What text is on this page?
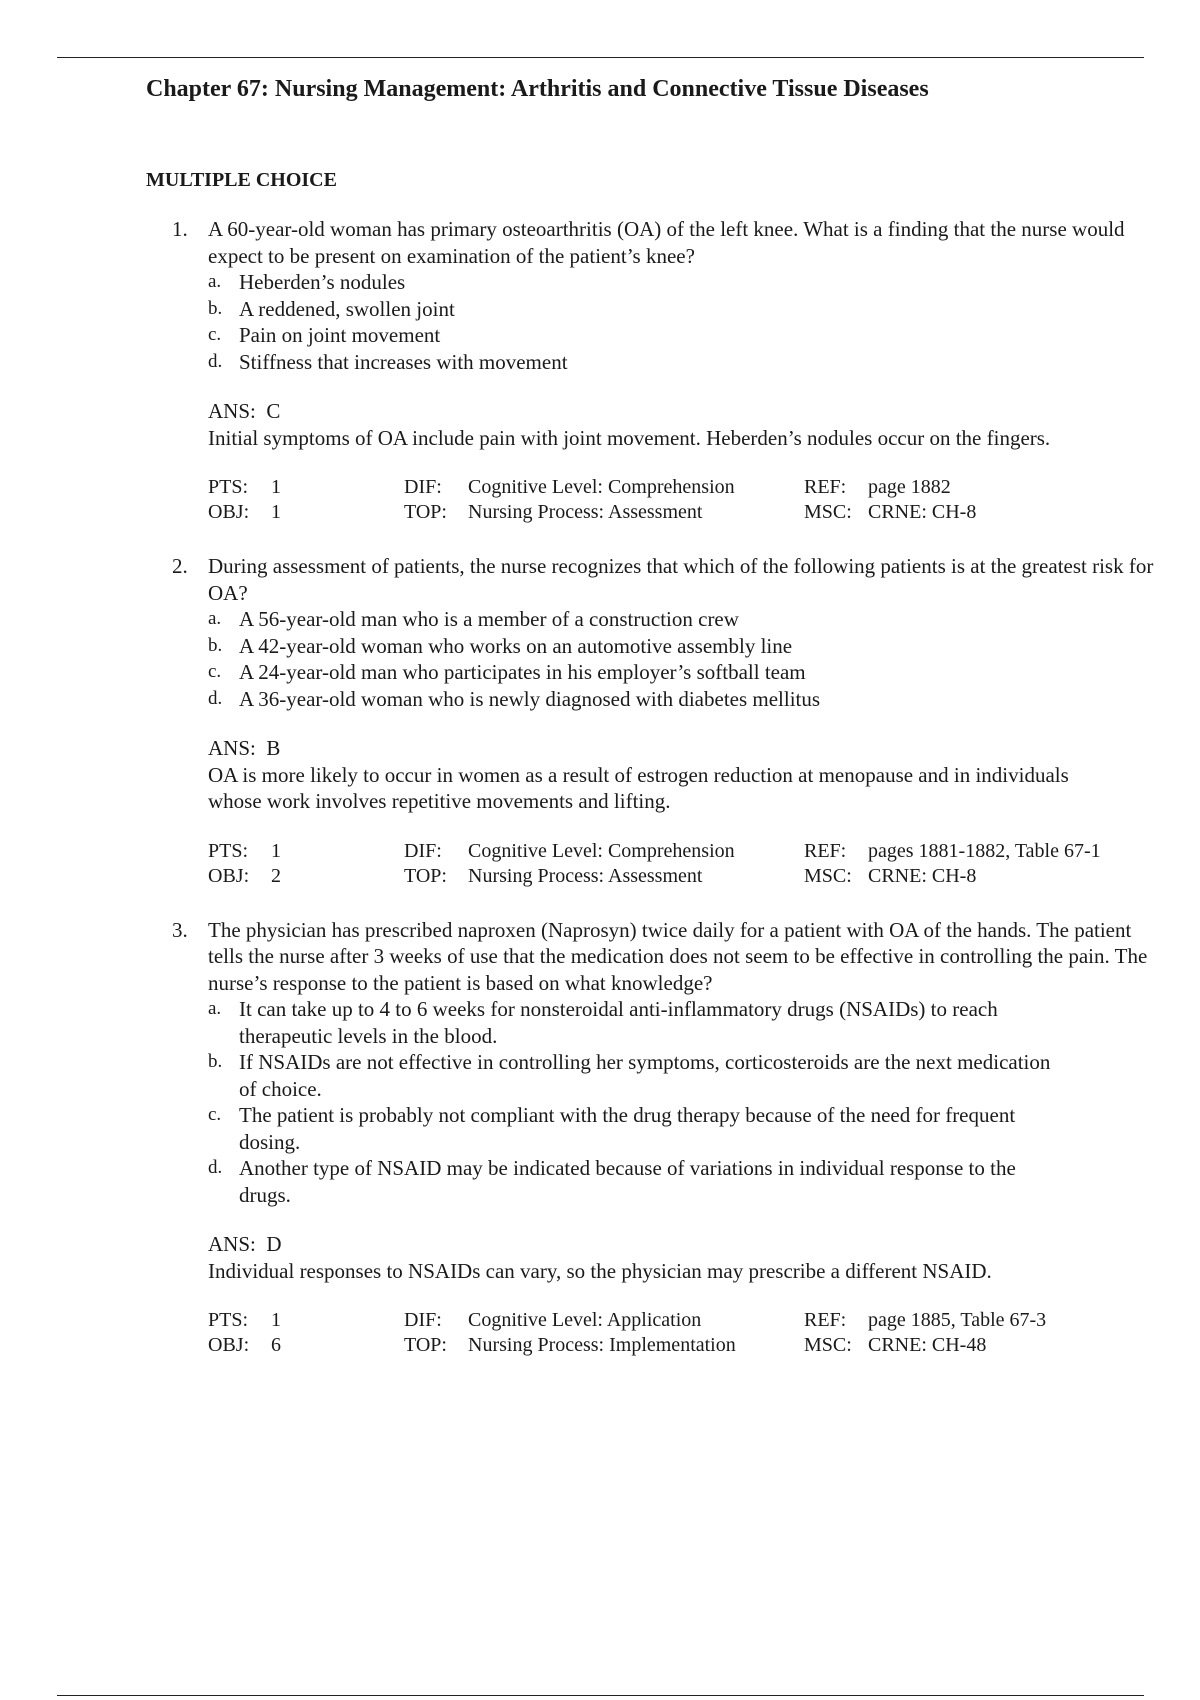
Chapter 67: Nursing Management: Arthritis and Connective Tissue Diseases
MULTIPLE CHOICE
1. A 60-year-old woman has primary osteoarthritis (OA) of the left knee. What is a finding that the nurse would expect to be present on examination of the patient’s knee?
a. Heberden’s nodules
b. A reddened, swollen joint
c. Pain on joint movement
d. Stiffness that increases with movement
ANS: C
Initial symptoms of OA include pain with joint movement. Heberden’s nodules occur on the fingers.
PTS: 1	DIF: Cognitive Level: Comprehension	REF: page 1882
OBJ: 1	TOP: Nursing Process: Assessment	MSC: CRNE: CH-8
2. During assessment of patients, the nurse recognizes that which of the following patients is at the greatest risk for OA?
a. A 56-year-old man who is a member of a construction crew
b. A 42-year-old woman who works on an automotive assembly line
c. A 24-year-old man who participates in his employer’s softball team
d. A 36-year-old woman who is newly diagnosed with diabetes mellitus
ANS: B
OA is more likely to occur in women as a result of estrogen reduction at menopause and in individuals whose work involves repetitive movements and lifting.
PTS: 1	DIF: Cognitive Level: Comprehension	REF: pages 1881-1882, Table 67-1
OBJ: 2	TOP: Nursing Process: Assessment	MSC: CRNE: CH-8
3. The physician has prescribed naproxen (Naprosyn) twice daily for a patient with OA of the hands. The patient tells the nurse after 3 weeks of use that the medication does not seem to be effective in controlling the pain. The nurse’s response to the patient is based on what knowledge?
a. It can take up to 4 to 6 weeks for nonsteroidal anti-inflammatory drugs (NSAIDs) to reach therapeutic levels in the blood.
b. If NSAIDs are not effective in controlling her symptoms, corticosteroids are the next medication of choice.
c. The patient is probably not compliant with the drug therapy because of the need for frequent dosing.
d. Another type of NSAID may be indicated because of variations in individual response to the drugs.
ANS: D
Individual responses to NSAIDs can vary, so the physician may prescribe a different NSAID.
PTS: 1	DIF: Cognitive Level: Application	REF: page 1885, Table 67-3
OBJ: 6	TOP: Nursing Process: Implementation	MSC: CRNE: CH-48
